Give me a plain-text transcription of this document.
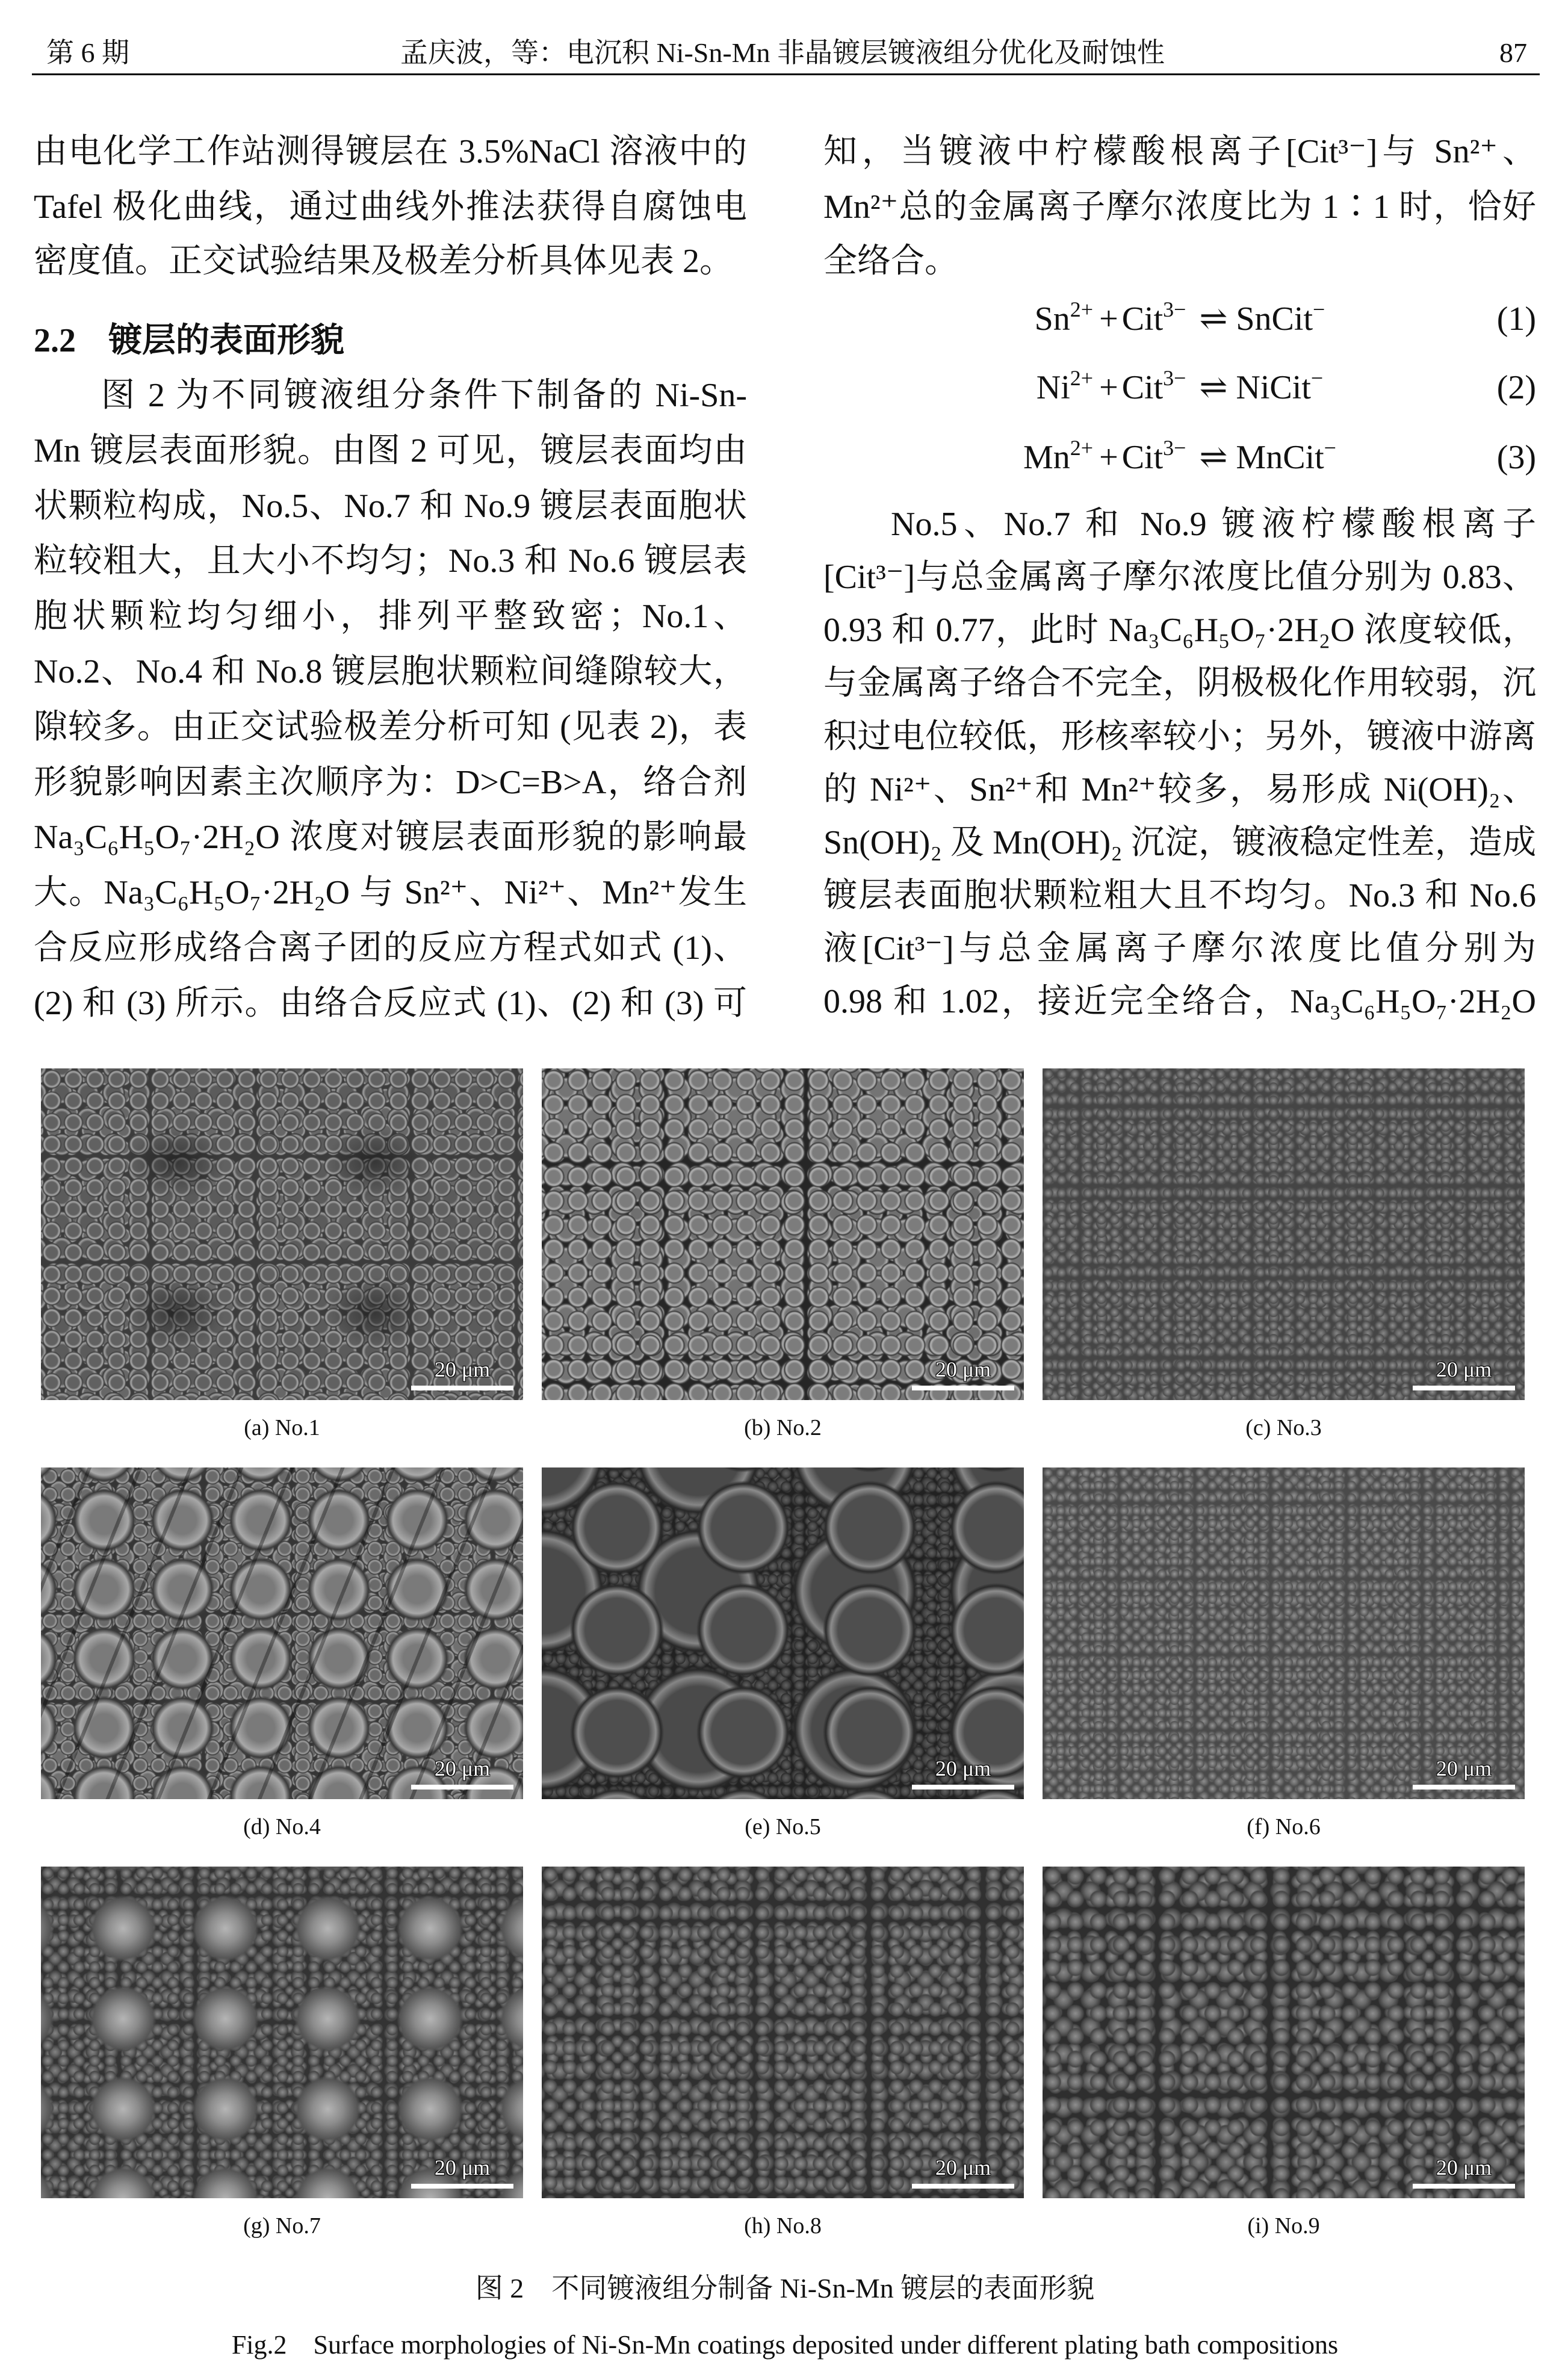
第 6 期	孟庆波，等：电沉积 Ni-Sn-Mn 非晶镀层镀液组分优化及耐蚀性	87
由电化学工作站测得镀层在 3.5%NaCl 溶液中的
Tafel 极化曲线，通过曲线外推法获得自腐蚀电
密度值。正交试验结果及极差分析具体见表 2。
2.2 镀层的表面形貌
图 2 为不同镀液组分条件下制备的 Ni-Sn-
Mn 镀层表面形貌。由图 2 可见，镀层表面均由
状颗粒构成，No.5、No.7 和 No.9 镀层表面胞状
粒较粗大，且大小不均匀；No.3 和 No.6 镀层表
胞状颗粒均匀细小，排列平整致密；No.1、
No.2、No.4 和 No.8 镀层胞状颗粒间缝隙较大，
隙较多。由正交试验极差分析可知 (见表 2)，表
形貌影响因素主次顺序为：D>C=B>A，络合剂
Na₃C₆H₅O₇·2H₂O 浓度对镀层表面形貌的影响最
大。Na₃C₆H₅O₇·2H₂O 与 Sn²⁺、Ni²⁺、Mn²⁺发生
合反应形成络合离子团的反应方程式如式 (1)、
(2) 和 (3) 所示。由络合反应式 (1)、(2) 和 (3) 可
知，当镀液中柠檬酸根离子[Cit³⁻]与 Sn²⁺、
Mn²⁺总的金属离子摩尔浓度比为 1∶1 时，恰好
全络合。
$Sn^{2+} + Cit^{3-}$ ⇌ SnCit−	(1)
$Ni^{2+} + Cit^{3-}$ ⇌ NiCit−	(2)
$Mn^{2+} + Cit^{3-}$ ⇌ MnCit−	(3)
No.5、No.7 和 No.9 镀液柠檬酸根离子
[Cit³⁻]与总金属离子摩尔浓度比值分别为 0.83、
0.93 和 0.77，此时 Na₃C₆H₅O₇·2H₂O 浓度较低，
与金属离子络合不完全，阴极极化作用较弱，沉
积过电位较低，形核率较小；另外，镀液中游离
的 Ni²⁺、Sn²⁺和 Mn²⁺较多，易形成 Ni(OH)₂、
Sn(OH)₂ 及 Mn(OH)₂ 沉淀，镀液稳定性差，造成
镀层表面胞状颗粒粗大且不均匀。No.3 和 No.6
液[Cit³⁻]与总金属离子摩尔浓度比值分别为
0.98 和 1.02，接近完全络合，Na₃C₆H₅O₇·2H₂O
20 μm
(a) No.1
20 μm
(b) No.2
20 μm
(c) No.3
20 μm
(d) No.4
20 μm
(e) No.5
20 μm
(f) No.6
20 μm
(g) No.7
20 μm
(h) No.8
20 μm
(i) No.9
图 2　不同镀液组分制备 Ni-Sn-Mn 镀层的表面形貌
Fig.2　Surface morphologies of Ni-Sn-Mn coatings deposited under different plating bath compositions
